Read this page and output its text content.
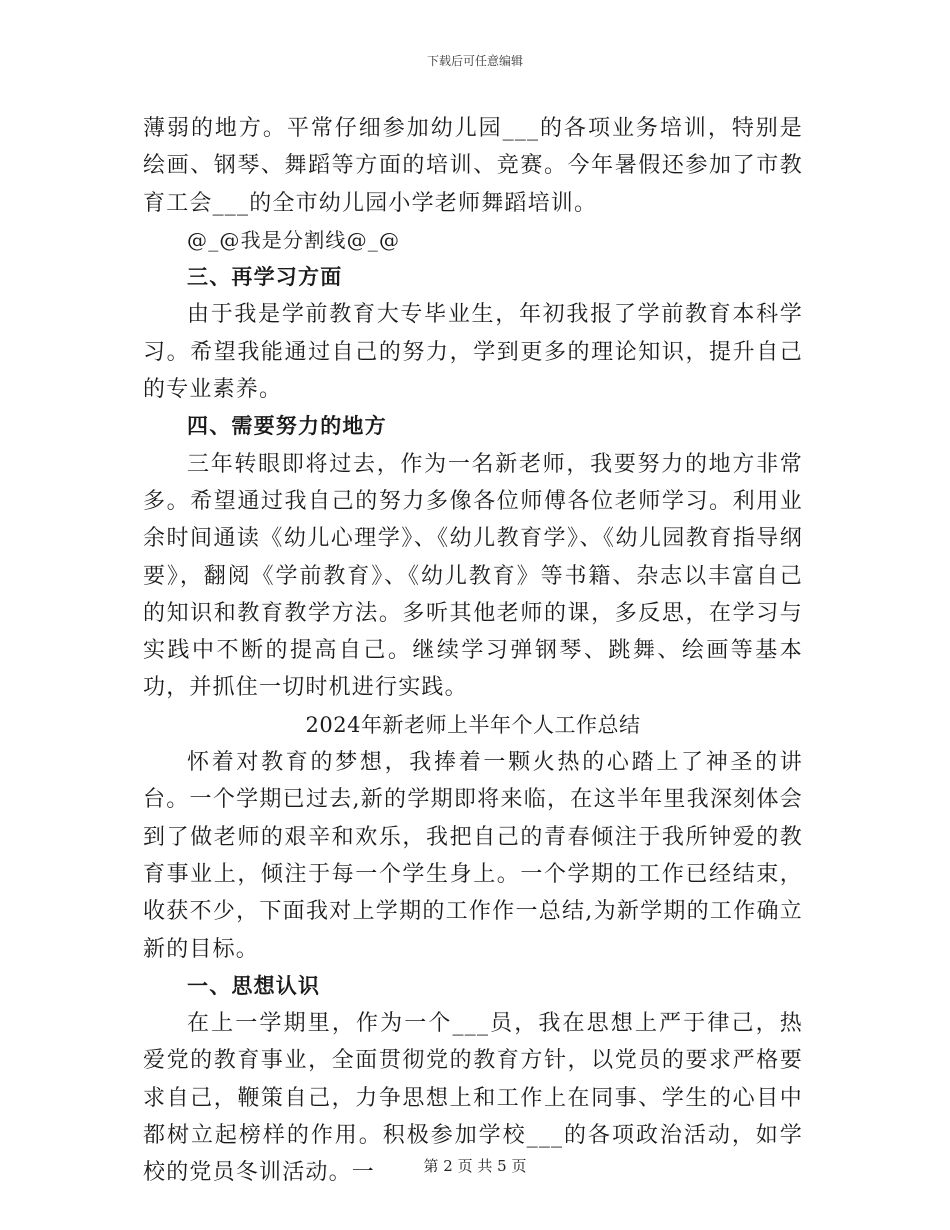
下载后可任意编辑

薄弱的地方。平常仔细参加幼儿园___的各项业务培训，特别是绘画、钢琴、舞蹈等方面的培训、竞赛。今年暑假还参加了市教育工会___的全市幼儿园小学老师舞蹈培训。

@_@我是分割线@_@

三、再学习方面

由于我是学前教育大专毕业生，年初我报了学前教育本科学习。希望我能通过自己的努力，学到更多的理论知识，提升自己的专业素养。

四、需要努力的地方

三年转眼即将过去，作为一名新老师，我要努力的地方非常多。希望通过我自己的努力多像各位师傅各位老师学习。利用业余时间通读《幼儿心理学》、《幼儿教育学》、《幼儿园教育指导纲要》，翻阅《学前教育》、《幼儿教育》等书籍、杂志以丰富自己的知识和教育教学方法。多听其他老师的课，多反思，在学习与实践中不断的提高自己。继续学习弹钢琴、跳舞、绘画等基本功，并抓住一切时机进行实践。

2024年新老师上半年个人工作总结

怀着对教育的梦想，我捧着一颗火热的心踏上了神圣的讲台。一个学期已过去,新的学期即将来临，在这半年里我深刻体会到了做老师的艰辛和欢乐，我把自己的青春倾注于我所钟爱的教育事业上，倾注于每一个学生身上。一个学期的工作已经结束，收获不少，下面我对上学期的工作作一总结,为新学期的工作确立新的目标。

一、思想认识

在上一学期里，作为一个___员，我在思想上严于律己，热爱党的教育事业，全面贯彻党的教育方针，以党员的要求严格要求自己，鞭策自己，力争思想上和工作上在同事、学生的心目中都树立起榜样的作用。积极参加学校___的各项政治活动，如学校的党员冬训活动。一	第 2 页 共 5 页
